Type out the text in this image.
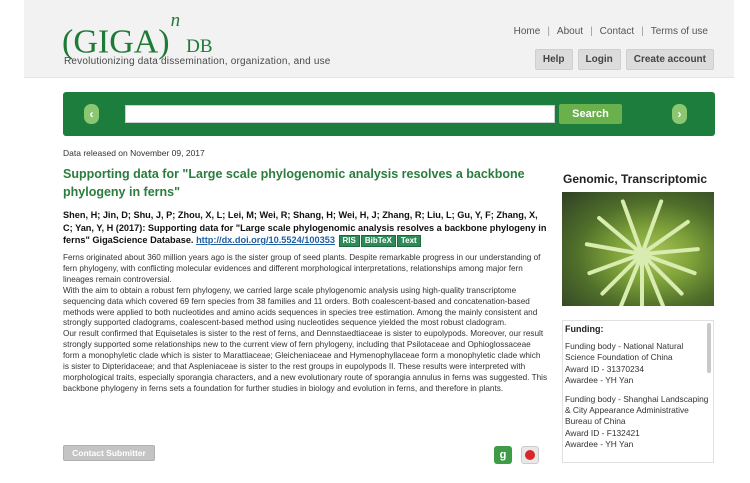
(GIGA)$^n$DB
Revolutionizing data dissemination, organization, and use
Home | About | Contact | Terms of use
Help	Login	Create account
‹	Search	›
Data released on November 09, 2017
Supporting data for "Large scale phylogenomic analysis resolves a backbone phylogeny in ferns"
Shen, H; Jin, D; Shu, J, P; Zhou, X, L; Lei, M; Wei, R; Shang, H; Wei, H, J; Zhang, R; Liu, L; Gu, Y, F; Zhang, X, C; Yan, Y, H (2017): Supporting data for "Large scale phylogenomic analysis resolves a backbone phylogeny in ferns" GigaScience Database. http://dx.doi.org/10.5524/100353 RIS BibTeX Text

Ferns originated about 360 million years ago is the sister group of seed plants. Despite remarkable progress in our understanding of fern phylogeny, with conflicting molecular evidences and different morphological interpretations, relationships among major fern lineages remain controversial.

With the aim to obtain a robust fern phylogeny, we carried large scale phylogenomic analysis using high-quality transcriptome sequencing data which covered 69 fern species from 38 families and 11 orders. Both coalescent-based and concatenation-based methods were applied to both nucleotides and amino acids sequences in species tree estimation. Among the mainly consistent and strongly supported cladograms, coalescent-based method using nucleotides sequence yielded the most robust cladogram.

Our result confirmed that Equisetales is sister to the rest of ferns, and Dennstaedtiaceae is sister to eupolypods. Moreover, our result strongly supported some relationships new to the current view of fern phylogeny, including that Psilotaceae and Ophioglossaceae form a monophyletic clade which is sister to Marattiaceae; Gleicheniaceae and Hymenophyllaceae form a monophyletic clade which is sister to Dipteridaceae; and that Aspleniaceae is sister to the rest groups in eupolypods II. These results were interpreted with morphological traits, especially sporangia characters, and a new evolutionary route of sporangia annulus in ferns was suggested. This backbone phylogeny in ferns sets a foundation for further studies in biology and evolution in ferns, and therefore in plants.

Contact Submitter	g
Genomic, Transcriptomic
Funding:
Funding body - National Natural Science Foundation of China
Award ID - 31370234
Awardee - YH Yan
Funding body - Shanghai Landscaping & City Appearance Administrative Bureau of China
Award ID - F132421
Awardee - YH Yan
